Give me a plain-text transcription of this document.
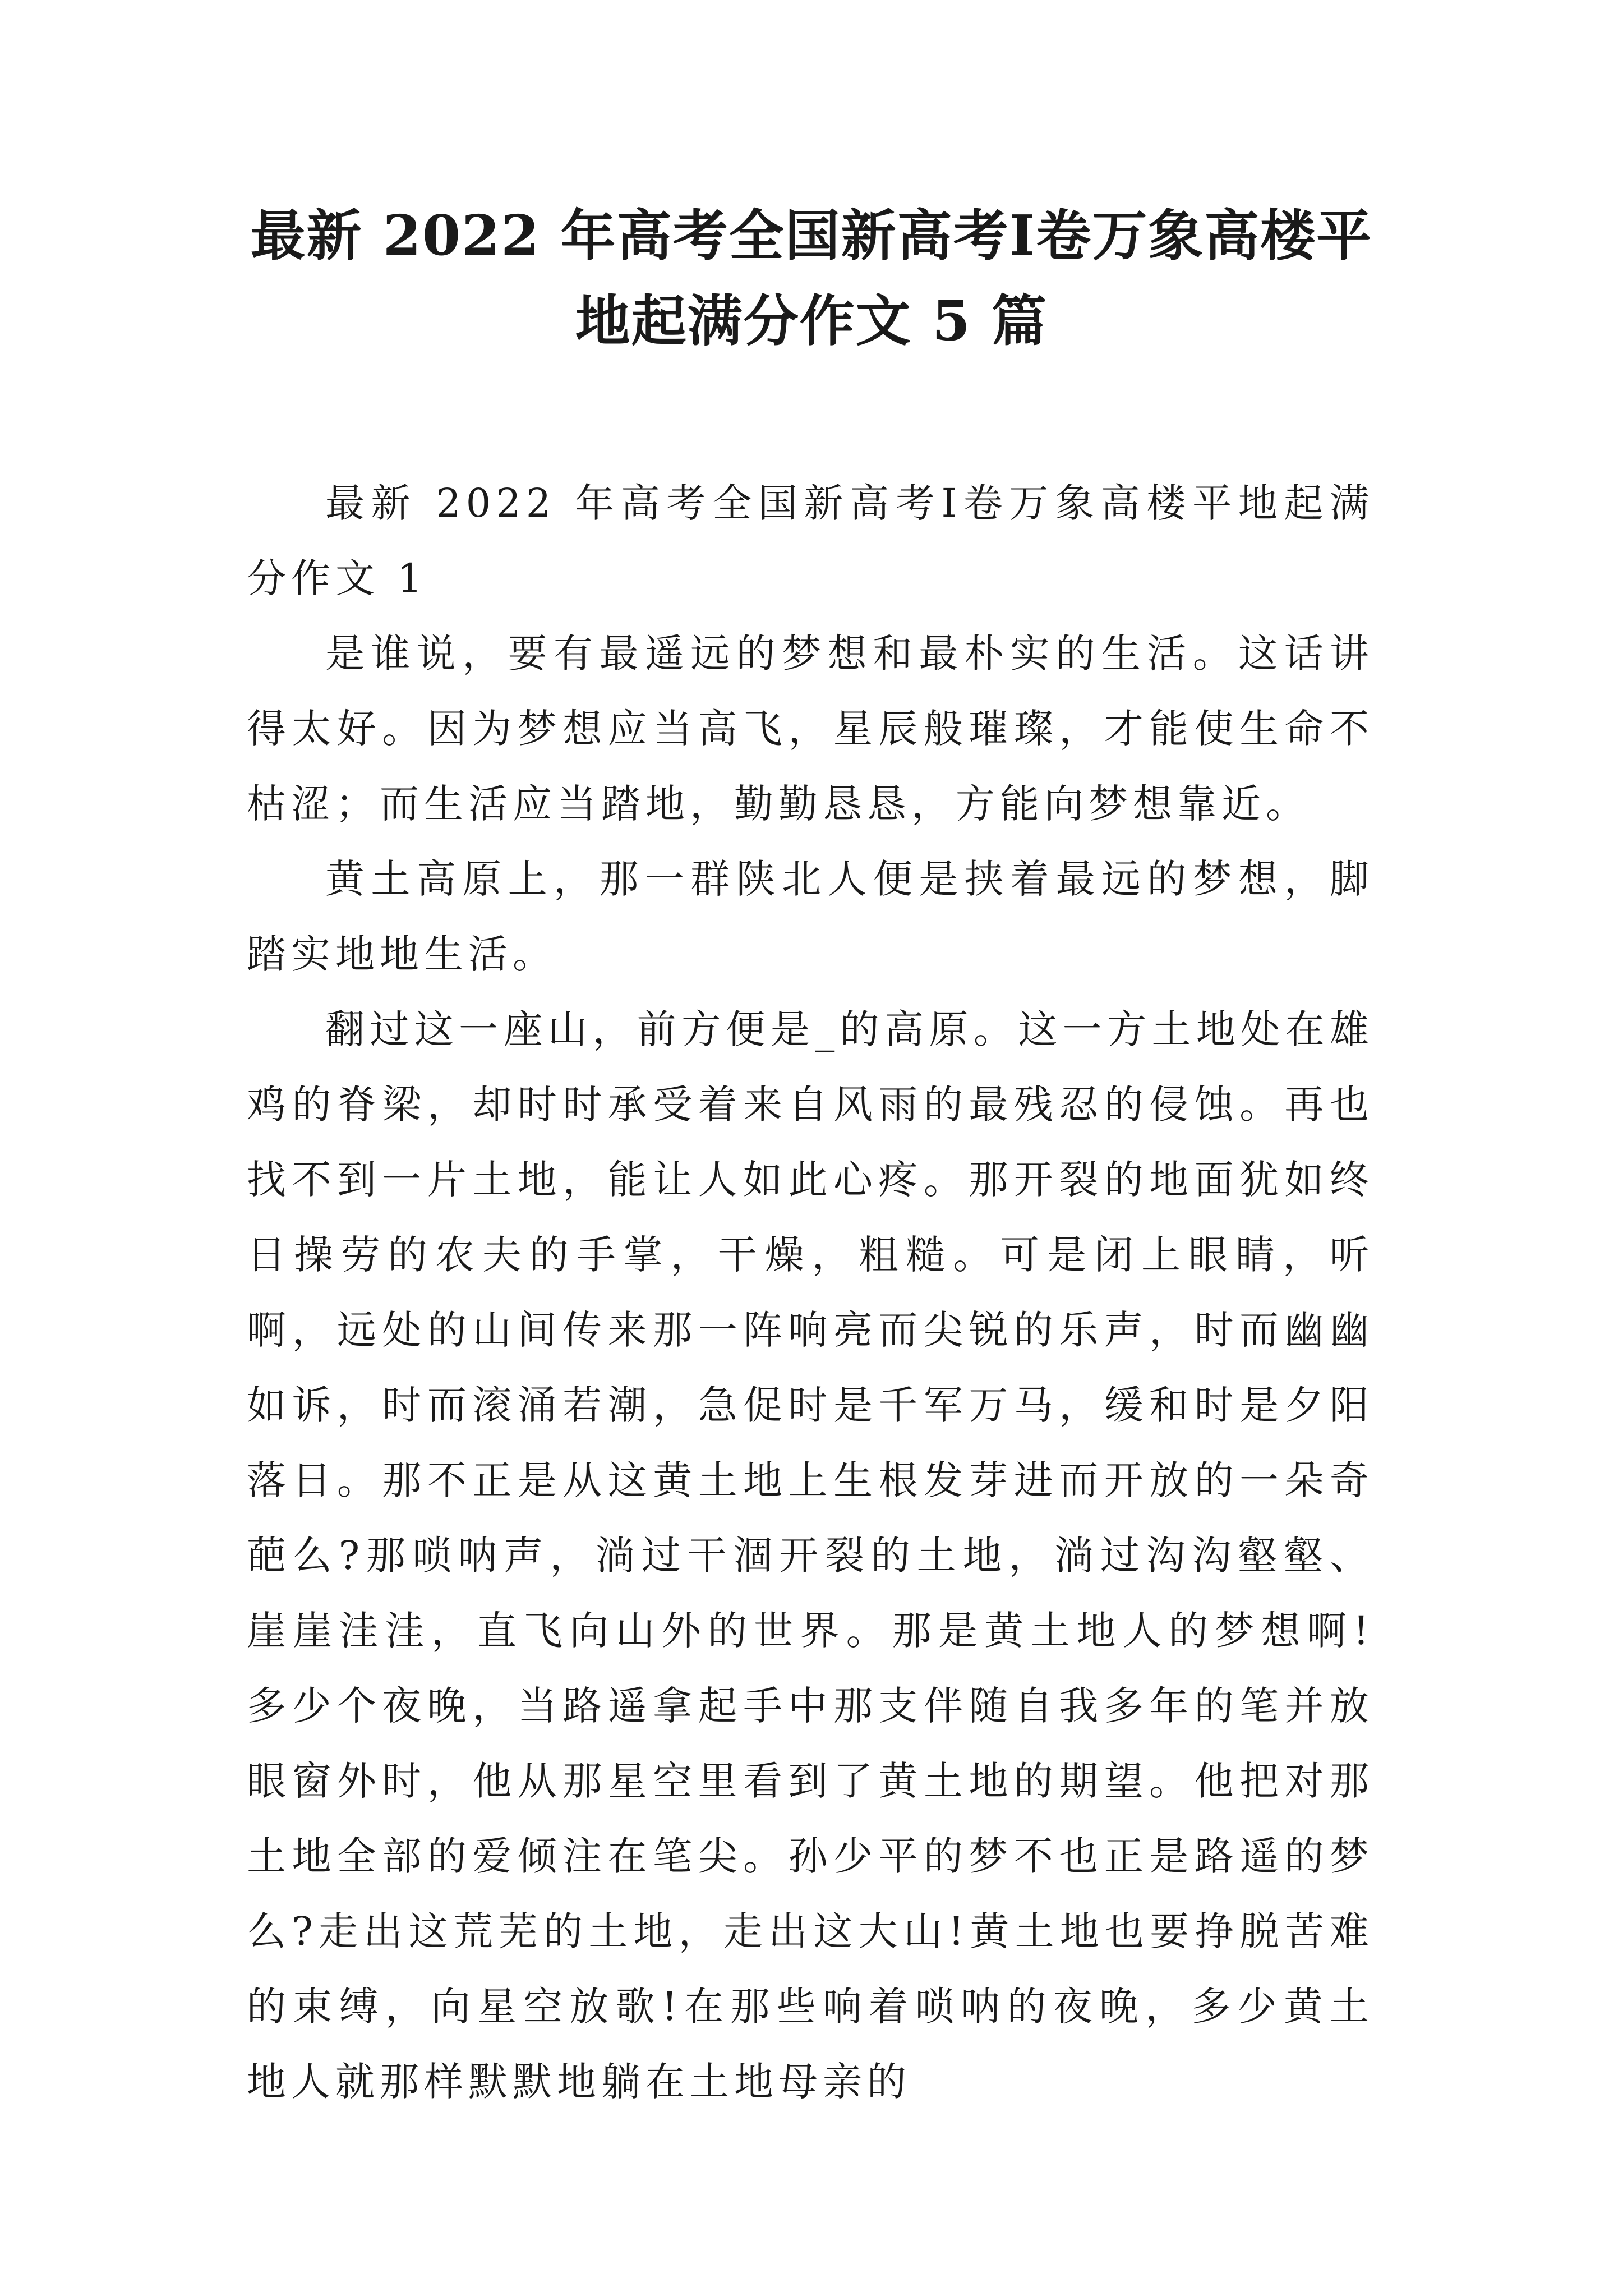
最新 2022 年高考全国新高考Ⅰ卷万象高楼平地起满分作文 5 篇

最新 2022 年高考全国新高考Ⅰ卷万象高楼平地起满分作文 1

是谁说，要有最遥远的梦想和最朴实的生活。这话讲得太好。因为梦想应当高飞，星辰般璀璨，才能使生命不枯涩；而生活应当踏地，勤勤恳恳，方能向梦想靠近。

黄土高原上，那一群陕北人便是挟着最远的梦想，脚踏实地地生活。

翻过这一座山，前方便是_的高原。这一方土地处在雄鸡的脊梁，却时时承受着来自风雨的最残忍的侵蚀。再也找不到一片土地，能让人如此心疼。那开裂的地面犹如终日操劳的农夫的手掌，干燥，粗糙。可是闭上眼睛，听啊，远处的山间传来那一阵响亮而尖锐的乐声，时而幽幽如诉，时而滚涌若潮，急促时是千军万马，缓和时是夕阳落日。那不正是从这黄土地上生根发芽进而开放的一朵奇葩么?那唢呐声，淌过干涸开裂的土地，淌过沟沟壑壑、崖崖洼洼，直飞向山外的世界。那是黄土地人的梦想啊!多少个夜晚，当路遥拿起手中那支伴随自我多年的笔并放眼窗外时，他从那星空里看到了黄土地的期望。他把对那土地全部的爱倾注在笔尖。孙少平的梦不也正是路遥的梦么?走出这荒芜的土地，走出这大山!黄土地也要挣脱苦难的束缚，向星空放歌!在那些响着唢呐的夜晚，多少黄土地人就那样默默地躺在土地母亲的
